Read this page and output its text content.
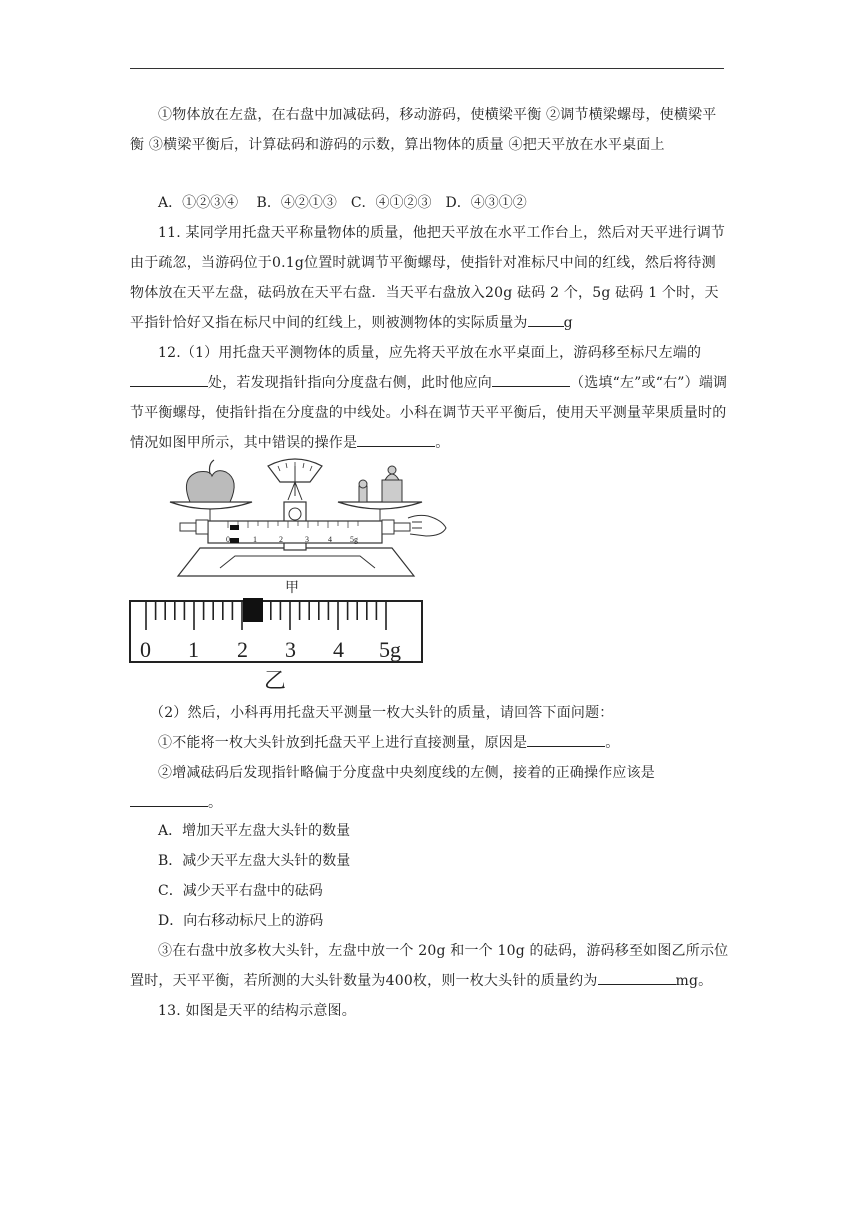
①物体放在左盘，在右盘中加减砝码，移动游码，使横梁平衡 ②调节横梁螺母，使横梁平衡 ③横梁平衡后，计算砝码和游码的示数，算出物体的质量 ④把天平放在水平桌面上
A．①②③④　 B．④②①③　C．④①②③　D．④③①②
11. 某同学用托盘天平称量物体的质量，他把天平放在水平工作台上，然后对天平进行调节由于疏忽，当游码位于0.1g位置时就调节平衡螺母，使指针对准标尺中间的红线，然后将待测物体放在天平左盘，砝码放在天平右盘．当天平右盘放入20g 砝码 2 个，5g 砝码 1 个时，天平指针恰好又指在标尺中间的红线上，则被测物体的实际质量为	g
12.（1）用托盘天平测物体的质量，应先将天平放在水平桌面上，游码移至标尺左端的处，若发现指针指向分度盘右侧，此时他应向	（选填“左”或“右”）端调节平衡螺母，使指针指在分度盘的中线处。小科在调节天平平衡后，使用天平测量苹果质量时的情况如图甲所示，其中错误的操作是	。
0	1	2	3 4 5g
甲
0 1 2 3 4 5g
乙
（2）然后，小科再用托盘天平测量一枚大头针的质量，请回答下面问题：
①不能将一枚大头针放到托盘天平上进行直接测量，原因是	。
②增减砝码后发现指针略偏于分度盘中央刻度线的左侧，接着的正确操作应该是。
A．增加天平左盘大头针的数量
B．减少天平左盘大头针的数量
C．减少天平右盘中的砝码
D．向右移动标尺上的游码
③在右盘中放多枚大头针，左盘中放一个 20g 和一个 10g 的砝码，游码移至如图乙所示位置时，天平平衡，若所测的大头针数量为400枚，则一枚大头针的质量约为	mg。
13. 如图是天平的结构示意图。
